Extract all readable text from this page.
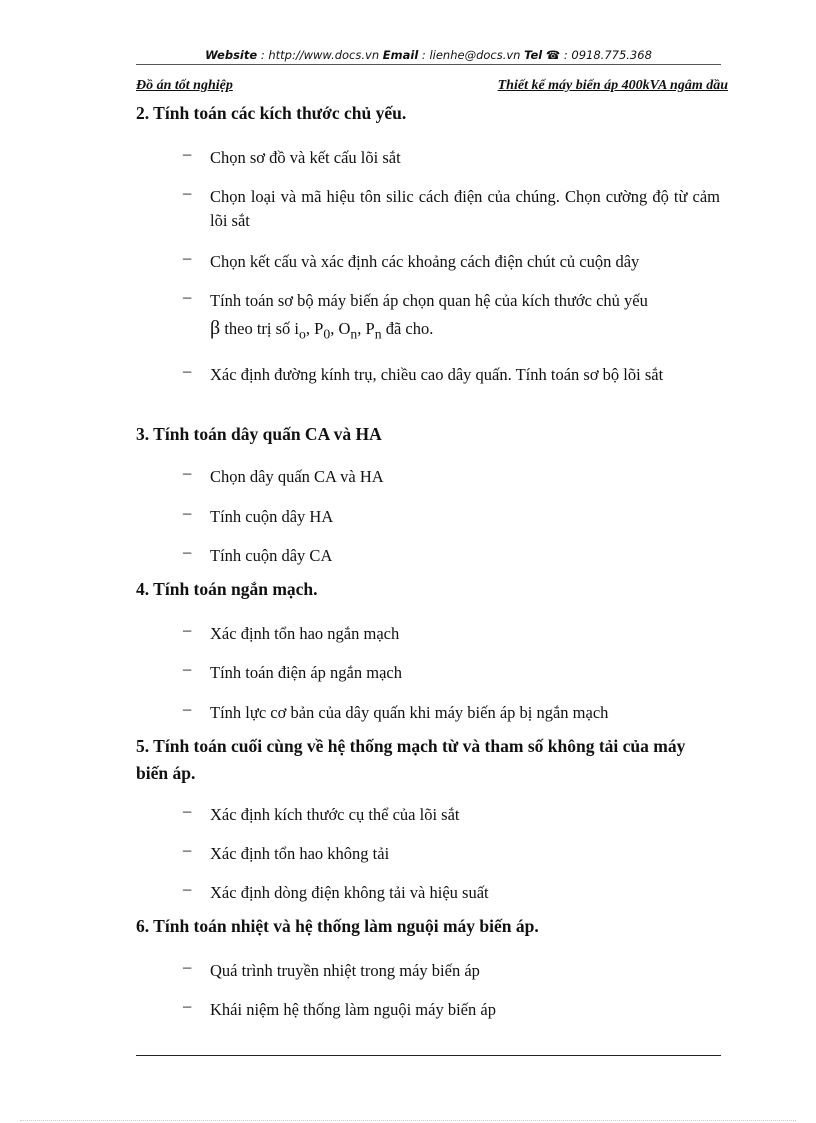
Website : http://www.docs.vn Email : lienhe@docs.vn Tel ☎ : 0918.775.368
Đồ án tốt nghiệp	Thiết kế máy biến áp 400kVA ngâm dầu
2. Tính toán các kích thước chủ yếu.
– Chọn sơ đồ và kết cấu lõi sắt
– Chọn loại và mã hiệu tôn silic cách điện của chúng. Chọn cường độ từ cảm lõi sắt
– Chọn kết cấu và xác định các khoảng cách điện chút củ cuộn dây
– Tính toán sơ bộ máy biến áp chọn quan hệ của kích thước chủ yếu
β theo trị số $i_o$, $P_0$, $O_n$, $P_n$ đã cho.
– Xác định đường kính trụ, chiều cao dây quấn. Tính toán sơ bộ lõi sắt
3. Tính toán dây quấn CA và HA
– Chọn dây quấn CA và HA
– Tính cuộn dây HA
– Tính cuộn dây CA
4. Tính toán ngắn mạch.
– Xác định tổn hao ngắn mạch
– Tính toán điện áp ngắn mạch
– Tính lực cơ bản của dây quấn khi máy biến áp bị ngắn mạch
5. Tính toán cuối cùng về hệ thống mạch từ và tham số không tải của máy biến áp.
– Xác định kích thước cụ thể của lõi sắt
– Xác định tổn hao không tải
– Xác định dòng điện không tải và hiệu suất
6. Tính toán nhiệt và hệ thống làm nguội máy biến áp.
– Quá trình truyền nhiệt trong máy biến áp
– Khái niệm hệ thống làm nguội máy biến áp
